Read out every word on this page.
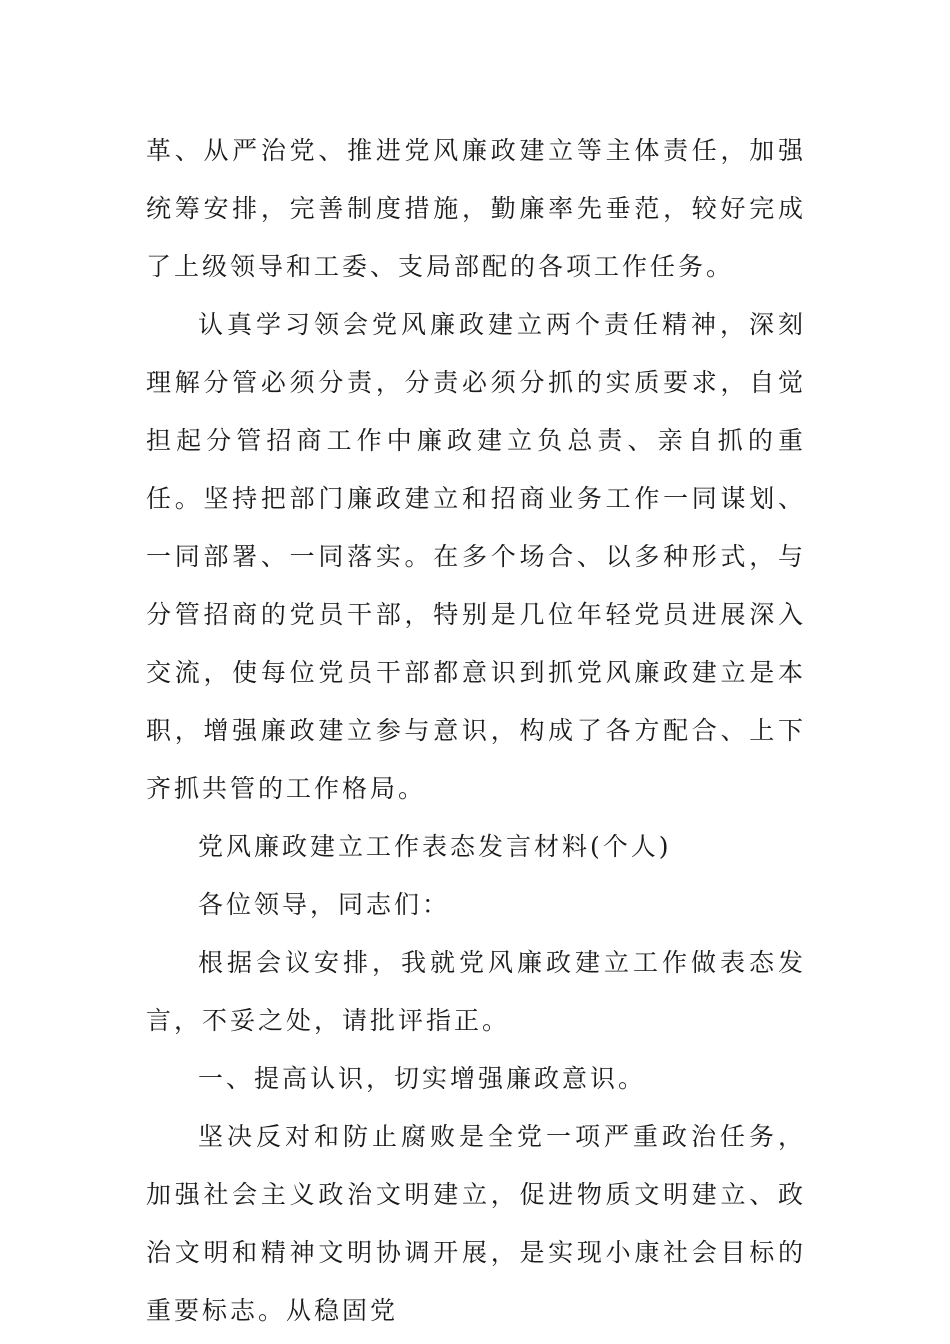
革、从严治党、推进党风廉政建立等主体责任，加强统筹安排，完善制度措施，勤廉率先垂范，较好完成了上级领导和工委、支局部配的各项工作任务。

认真学习领会党风廉政建立两个责任精神，深刻理解分管必须分责，分责必须分抓的实质要求，自觉担起分管招商工作中廉政建立负总责、亲自抓的重任。坚持把部门廉政建立和招商业务工作一同谋划、一同部署、一同落实。在多个场合、以多种形式，与分管招商的党员干部，特别是几位年轻党员进展深入交流，使每位党员干部都意识到抓党风廉政建立是本职，增强廉政建立参与意识，构成了各方配合、上下齐抓共管的工作格局。

党风廉政建立工作表态发言材料(个人)

各位领导，同志们：

根据会议安排，我就党风廉政建立工作做表态发言，不妥之处，请批评指正。

一、提高认识，切实增强廉政意识。

坚决反对和防止腐败是全党一项严重政治任务，加强社会主义政治文明建立，促进物质文明建立、政治文明和精神文明协调开展，是实现小康社会目标的重要标志。从稳固党
